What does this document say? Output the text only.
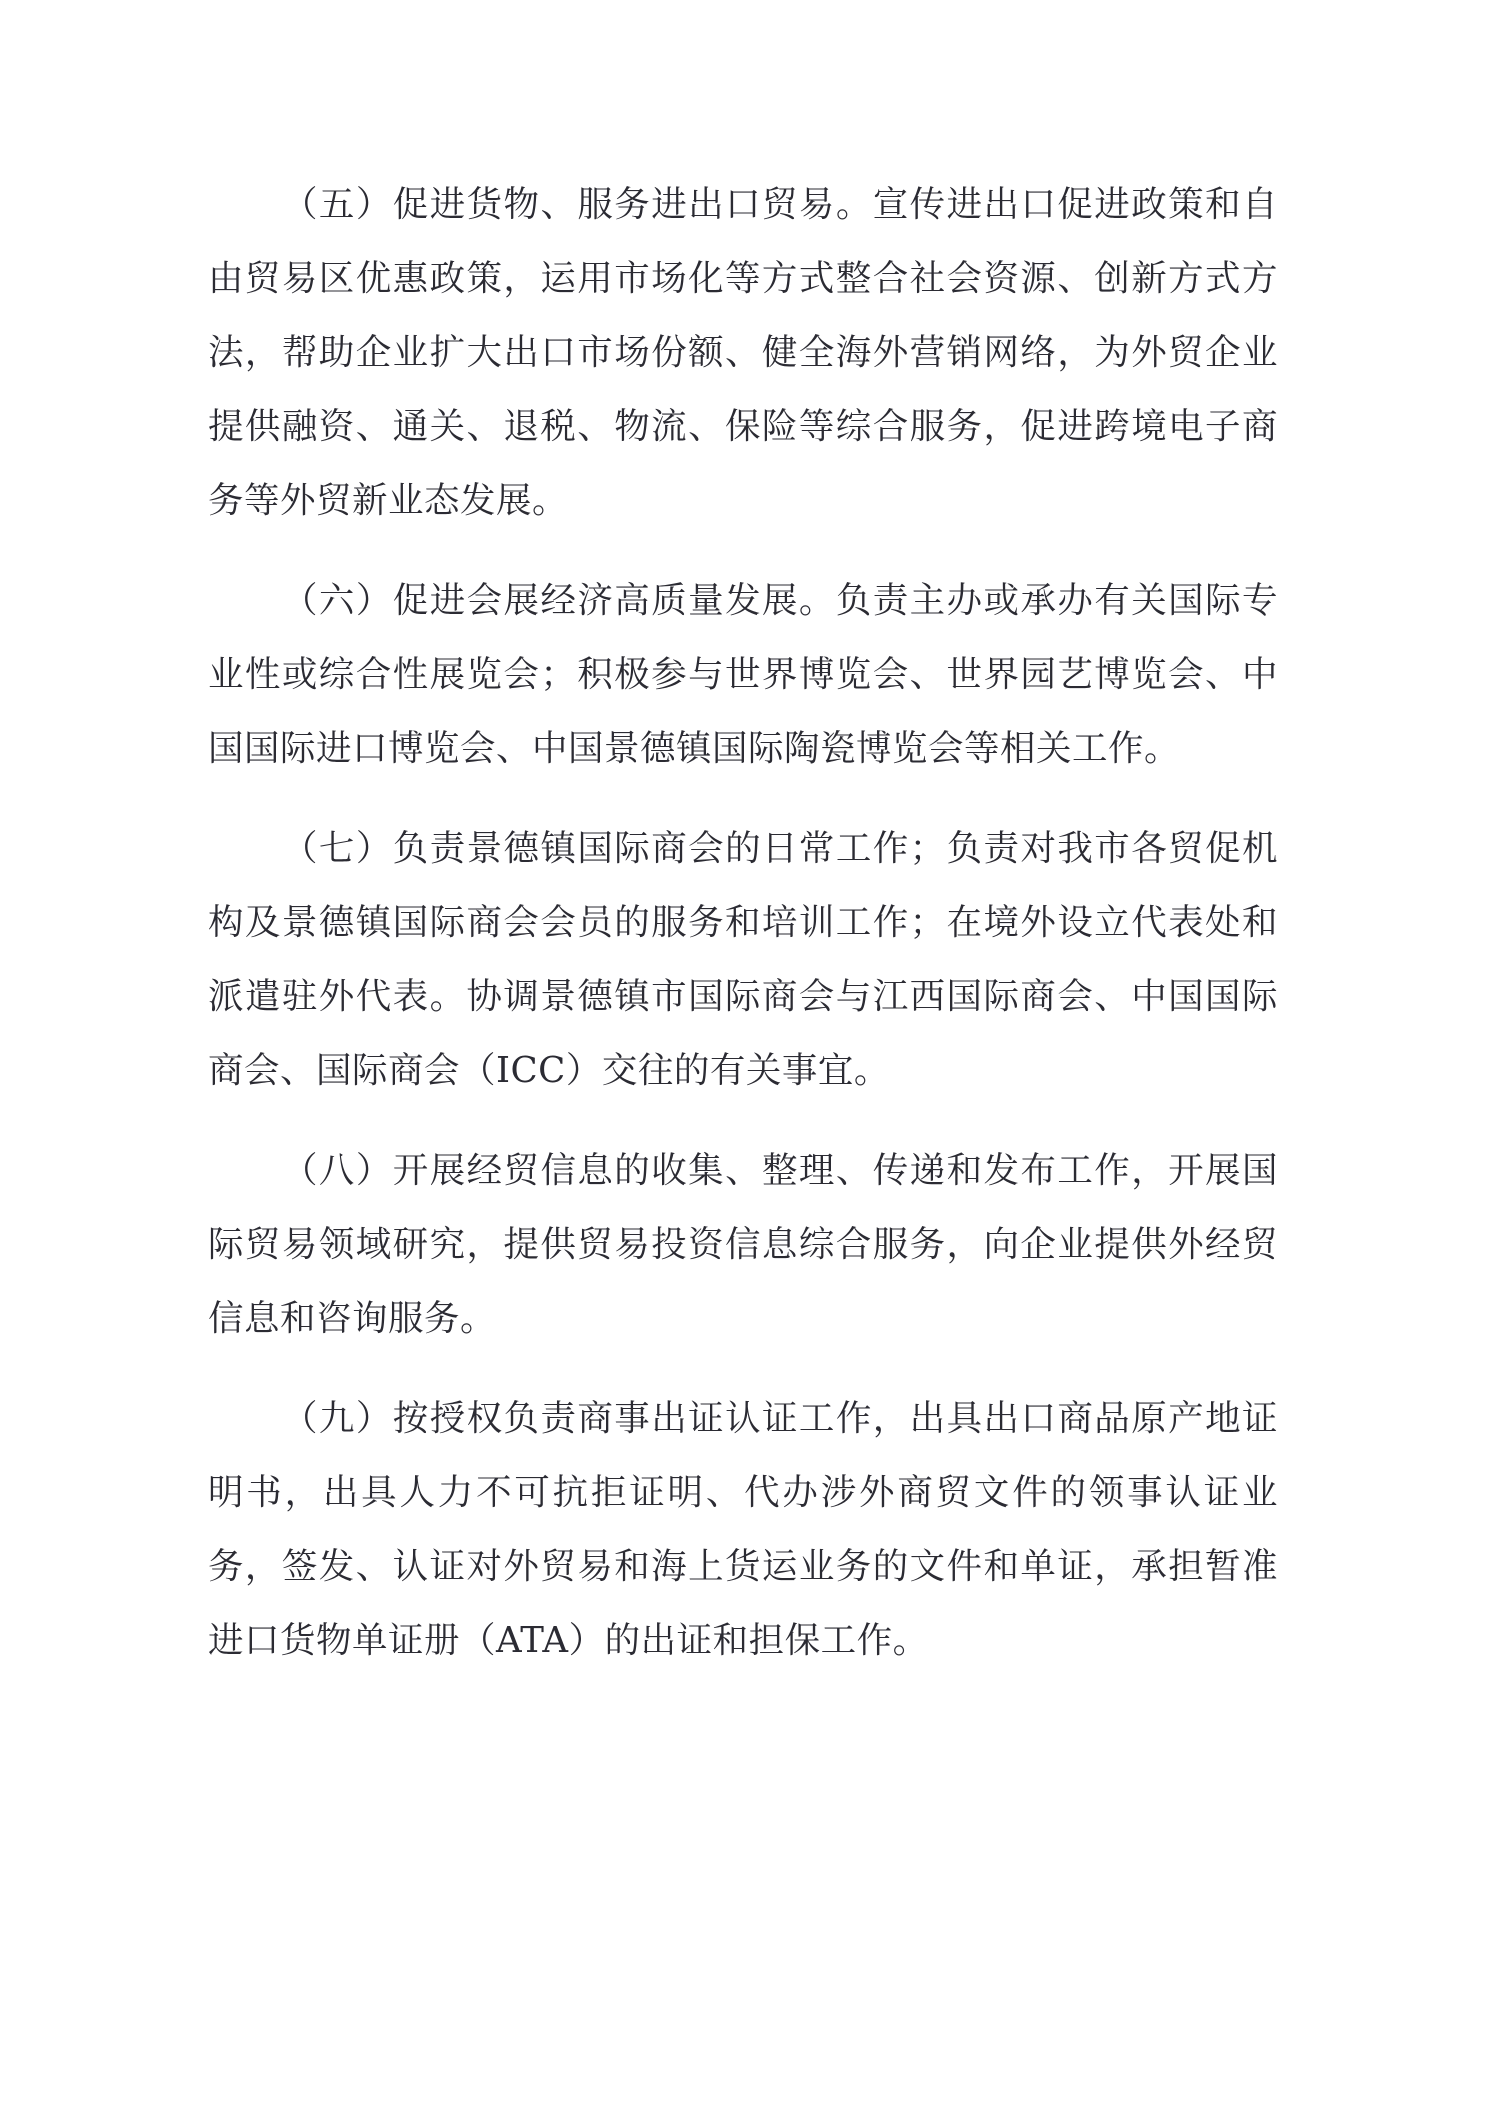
（五）促进货物、服务进出口贸易。宣传进出口促进政策和自由贸易区优惠政策，运用市场化等方式整合社会资源、创新方式方法，帮助企业扩大出口市场份额、健全海外营销网络，为外贸企业提供融资、通关、退税、物流、保险等综合服务，促进跨境电子商务等外贸新业态发展。

（六）促进会展经济高质量发展。负责主办或承办有关国际专业性或综合性展览会；积极参与世界博览会、世界园艺博览会、中国国际进口博览会、中国景德镇国际陶瓷博览会等相关工作。

（七）负责景德镇国际商会的日常工作；负责对我市各贸促机构及景德镇国际商会会员的服务和培训工作；在境外设立代表处和派遣驻外代表。协调景德镇市国际商会与江西国际商会、中国国际商会、国际商会（ICC）交往的有关事宜。

（八）开展经贸信息的收集、整理、传递和发布工作，开展国际贸易领域研究，提供贸易投资信息综合服务，向企业提供外经贸信息和咨询服务。

（九）按授权负责商事出证认证工作，出具出口商品原产地证明书，出具人力不可抗拒证明、代办涉外商贸文件的领事认证业务，签发、认证对外贸易和海上货运业务的文件和单证，承担暂准进口货物单证册（ATA）的出证和担保工作。
